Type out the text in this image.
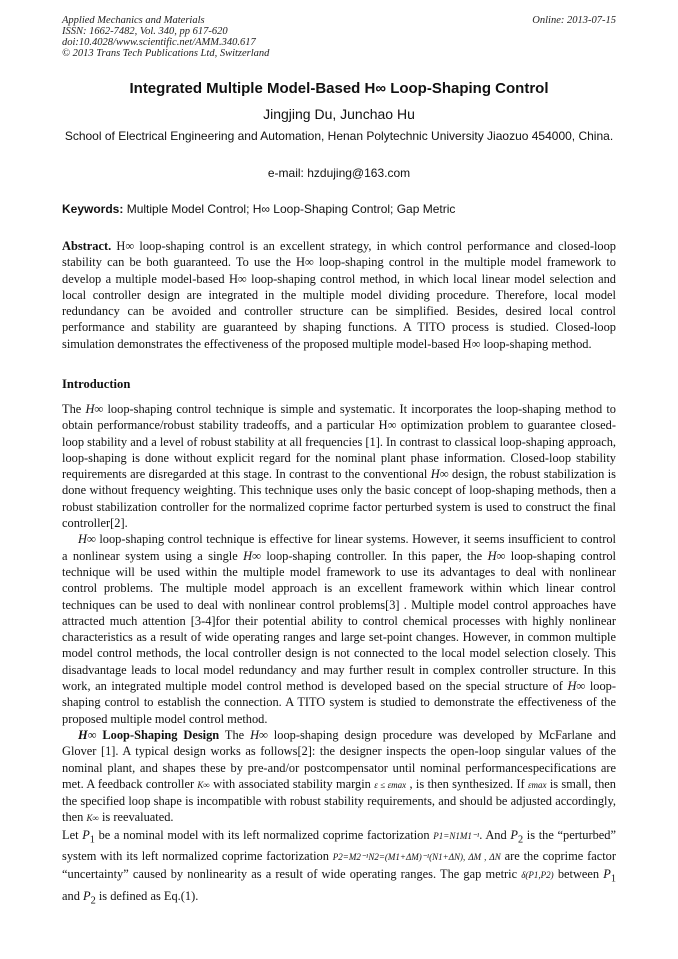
Applied Mechanics and Materials
ISSN: 1662-7482, Vol. 340, pp 617-620
doi:10.4028/www.scientific.net/AMM.340.617
© 2013 Trans Tech Publications Ltd, Switzerland
Online: 2013-07-15
Integrated Multiple Model-Based H∞ Loop-Shaping Control
Jingjing Du, Junchao Hu
School of Electrical Engineering and Automation, Henan Polytechnic University Jiaozuo 454000, China.
e-mail: hzdujing@163.com
Keywords: Multiple Model Control; H∞ Loop-Shaping Control; Gap Metric
Abstract. H∞ loop-shaping control is an excellent strategy, in which control performance and closed-loop stability can be both guaranteed. To use the H∞ loop-shaping control in the multiple model framework to develop a multiple model-based H∞ loop-shaping control method, in which local linear model selection and local controller design are integrated in the multiple model dividing procedure. Therefore, local model redundancy can be avoided and controller structure can be simplified. Besides, desired local control performance and stability are guaranteed by shaping functions. A TITO process is studied. Closed-loop simulation demonstrates the effectiveness of the proposed multiple model-based H∞ loop-shaping method.
Introduction

The H∞ loop-shaping control technique is simple and systematic. It incorporates the loop-shaping method to obtain performance/robust stability tradeoffs, and a particular H∞ optimization problem to guarantee closed-loop stability and a level of robust stability at all frequencies [1]. In contrast to classical loop-shaping approach, loop-shaping is done without explicit regard for the nominal plant phase information. Closed-loop stability requirements are disregarded at this stage. In contrast to the conventional H∞ design, the robust stabilization is done without frequency weighting. This technique uses only the basic concept of loop-shaping methods, then a robust stabilization controller for the normalized coprime factor perturbed system is used to construct the final controller[2].

H∞ loop-shaping control technique is effective for linear systems. However, it seems insufficient to control a nonlinear system using a single H∞ loop-shaping controller. In this paper, the H∞ loop-shaping control technique will be used within the multiple model framework to use its advantages to deal with nonlinear control problems. The multiple model approach is an excellent framework within which linear control techniques can be used to deal with nonlinear control problems[3] . Multiple model control approaches have attracted much attention [3-4]for their potential ability to control chemical processes with highly nonlinear characteristics as a result of wide operating ranges and large set-point changes. However, in common multiple model control methods, the local controller design is not connected to the local model selection closely. This disadvantage leads to local model redundancy and may further result in complex controller structure. In this work, an integrated multiple model control method is developed based on the special structure of H∞ loop-shaping control to establish the connection. A TITO system is studied to demonstrate the effectiveness of the proposed multiple model control method.

H∞ Loop-Shaping Design The H∞ loop-shaping design procedure was developed by McFarlane and Glover [1]. A typical design works as follows[2]: the designer inspects the open-loop singular values of the nominal plant, and shapes these by pre-and/or postcompensator until nominal performancespecifications are met. A feedback controller K∞ with associated stability margin ε ≤ εmax , is then synthesized. If εmax is small, then the specified loop shape is incompatible with robust stability requirements, and should be adjusted accordingly, then K∞ is reevaluated.

Let $P_1$ be a nominal model with its left normalized coprime factorization P1=N1M1⁻¹. And $P_2$ is the “perturbed” system with its left normalized coprime factorization P2=M2⁻¹N2=(M1+ΔM)⁻¹(N1+ΔN), ΔM , ΔN are the coprime factor “uncertainty” caused by nonlinearity as a result of wide operating ranges. The gap metric δ(P1,P2) between $P_1$ and $P_2$ is defined as Eq.(1).
